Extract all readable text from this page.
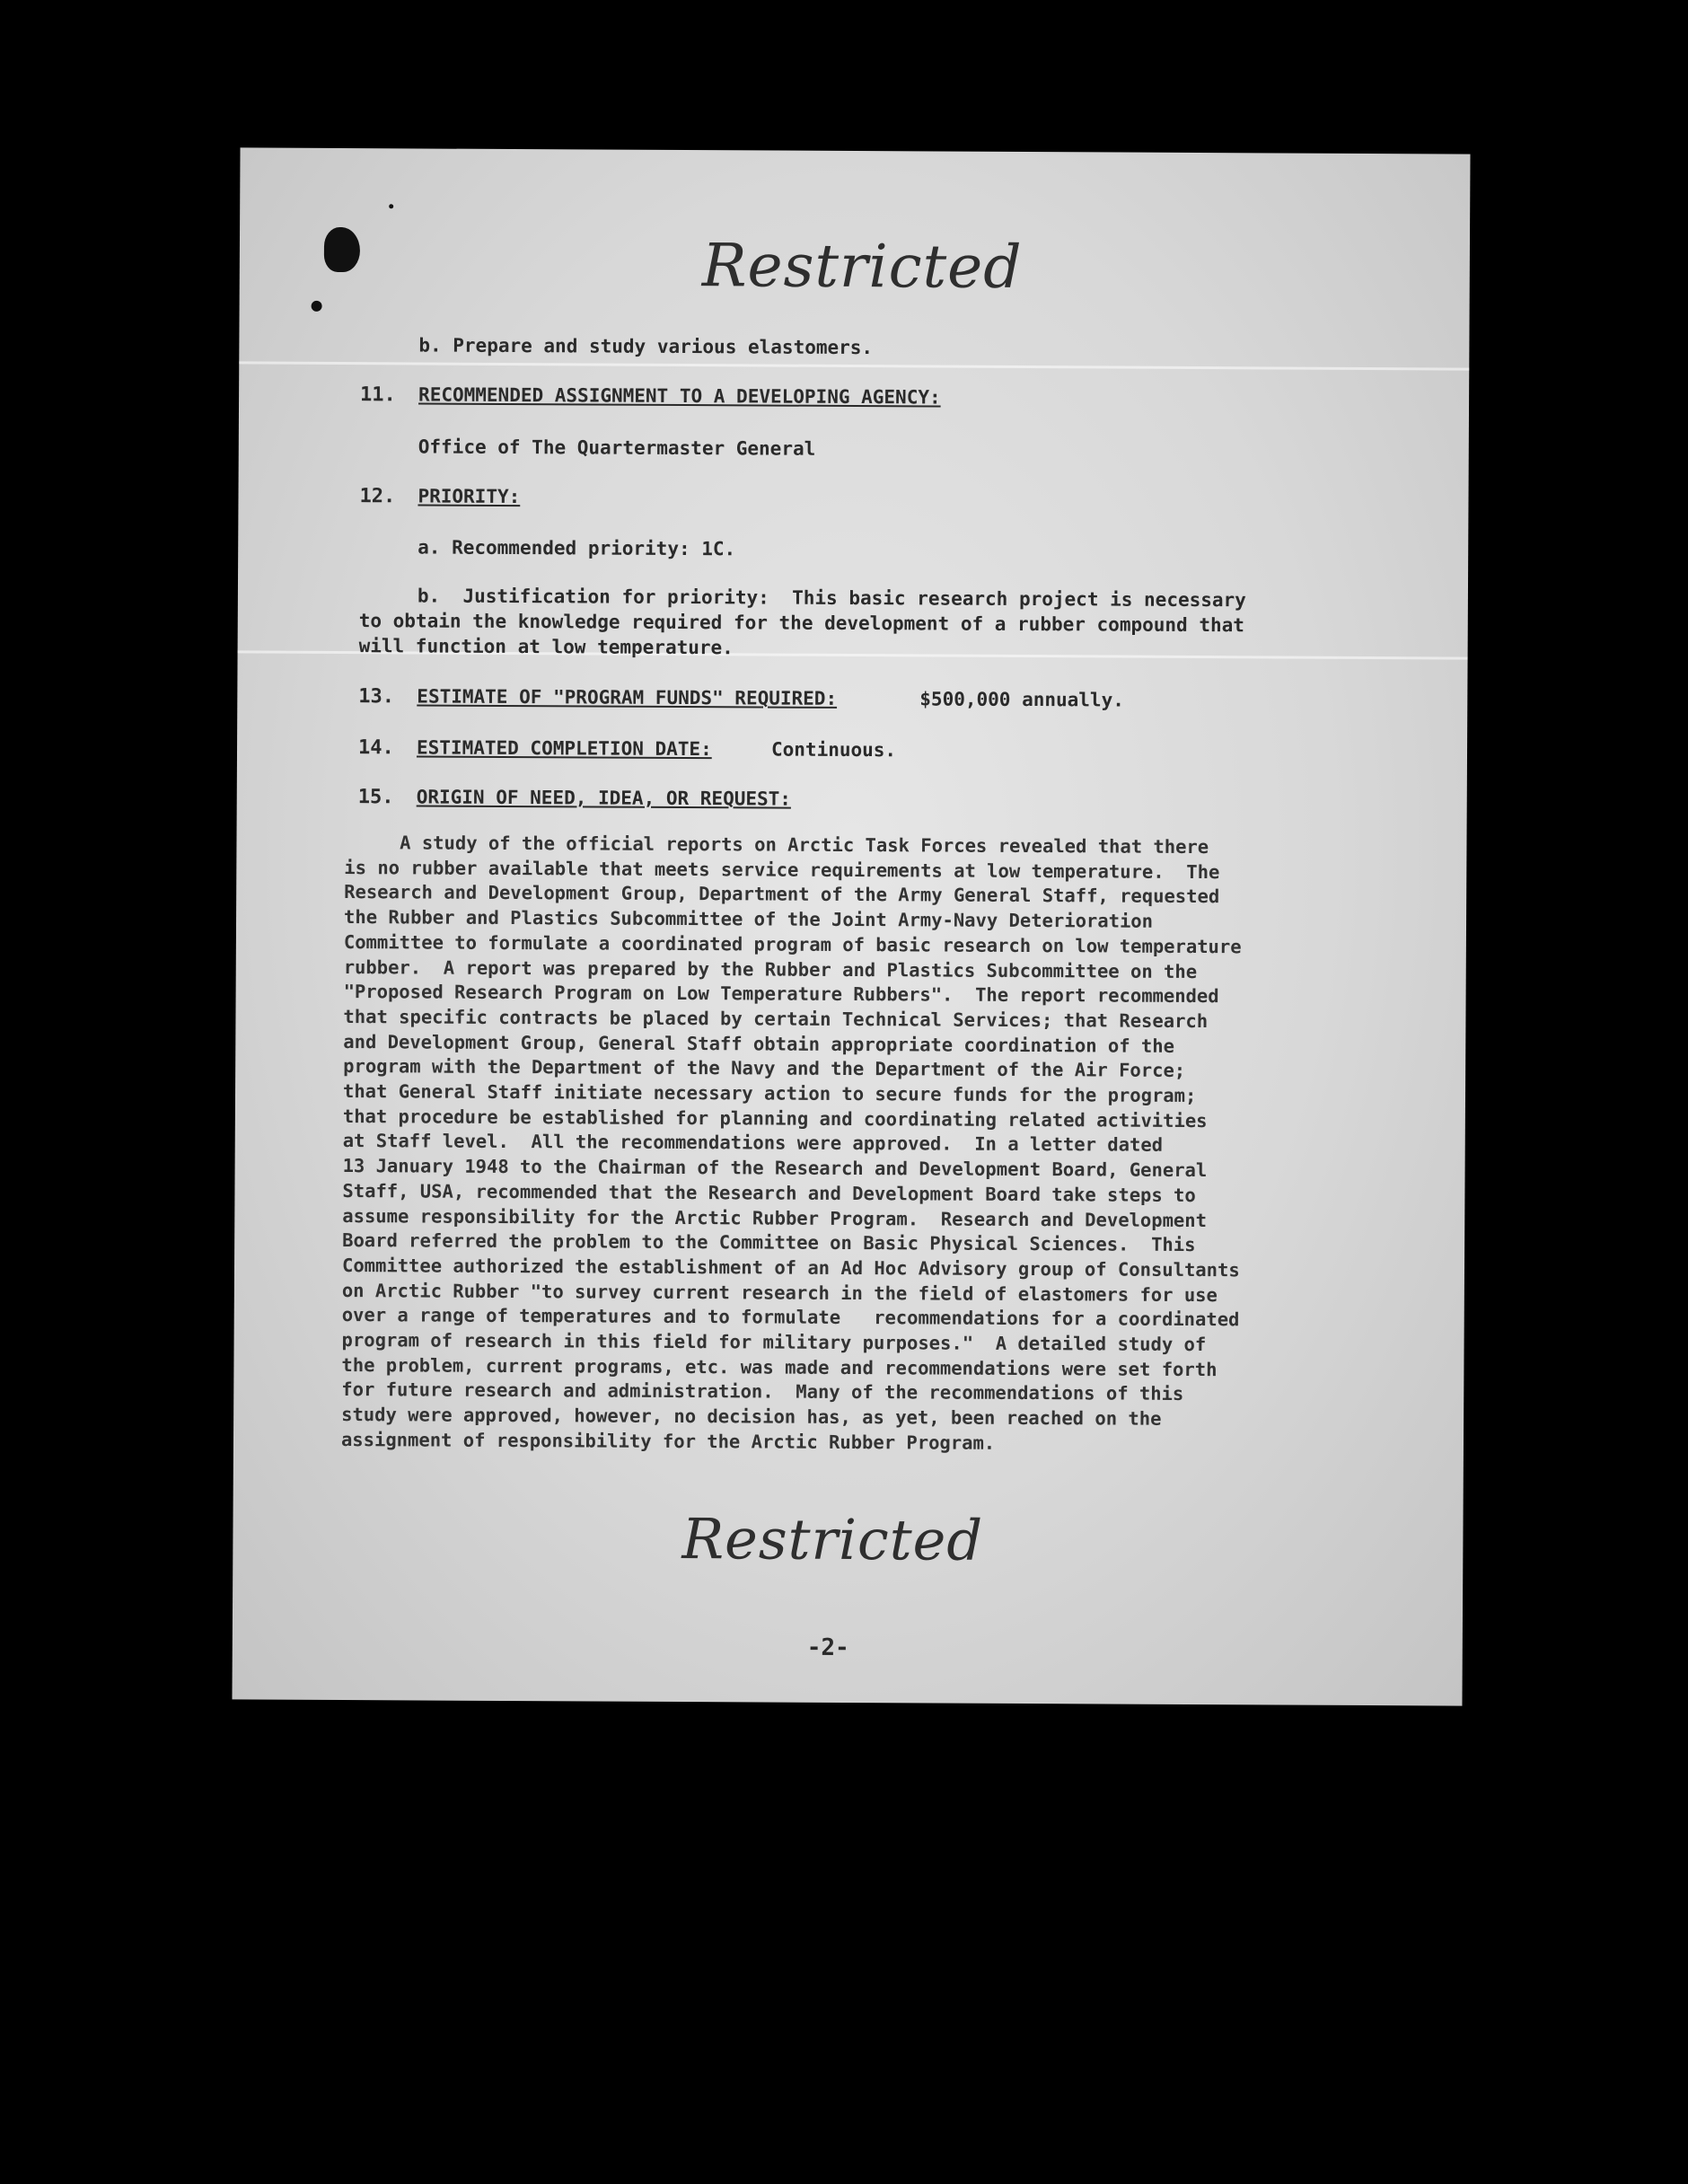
Restricted
b. Prepare and study various elastomers.
11. RECOMMENDED ASSIGNMENT TO A DEVELOPING AGENCY:
Office of The Quartermaster General
12. PRIORITY:
a. Recommended priority: 1C.
b.  Justification for priority:  This basic research project is necessary
to obtain the knowledge required for the development of a rubber compound that
will function at low temperature.
13. ESTIMATE OF "PROGRAM FUNDS" REQUIRED:	$500,000 annually.
14. ESTIMATED COMPLETION DATE:	Continuous.
15. ORIGIN OF NEED, IDEA, OR REQUEST:
A study of the official reports on Arctic Task Forces revealed that there
is no rubber available that meets service requirements at low temperature.  The
Research and Development Group, Department of the Army General Staff, requested
the Rubber and Plastics Subcommittee of the Joint Army-Navy Deterioration
Committee to formulate a coordinated program of basic research on low temperature
rubber.  A report was prepared by the Rubber and Plastics Subcommittee on the
"Proposed Research Program on Low Temperature Rubbers".  The report recommended
that specific contracts be placed by certain Technical Services; that Research
and Development Group, General Staff obtain appropriate coordination of the
program with the Department of the Navy and the Department of the Air Force;
that General Staff initiate necessary action to secure funds for the program;
that procedure be established for planning and coordinating related activities
at Staff level.  All the recommendations were approved.  In a letter dated
13 January 1948 to the Chairman of the Research and Development Board, General
Staff, USA, recommended that the Research and Development Board take steps to
assume responsibility for the Arctic Rubber Program.  Research and Development
Board referred the problem to the Committee on Basic Physical Sciences.  This
Committee authorized the establishment of an Ad Hoc Advisory group of Consultants
on Arctic Rubber "to survey current research in the field of elastomers for use
over a range of temperatures and to formulate   recommendations for a coordinated
program of research in this field for military purposes."  A detailed study of
the problem, current programs, etc. was made and recommendations were set forth
for future research and administration.  Many of the recommendations of this
study were approved, however, no decision has, as yet, been reached on the
assignment of responsibility for the Arctic Rubber Program.
Restricted
-2-
